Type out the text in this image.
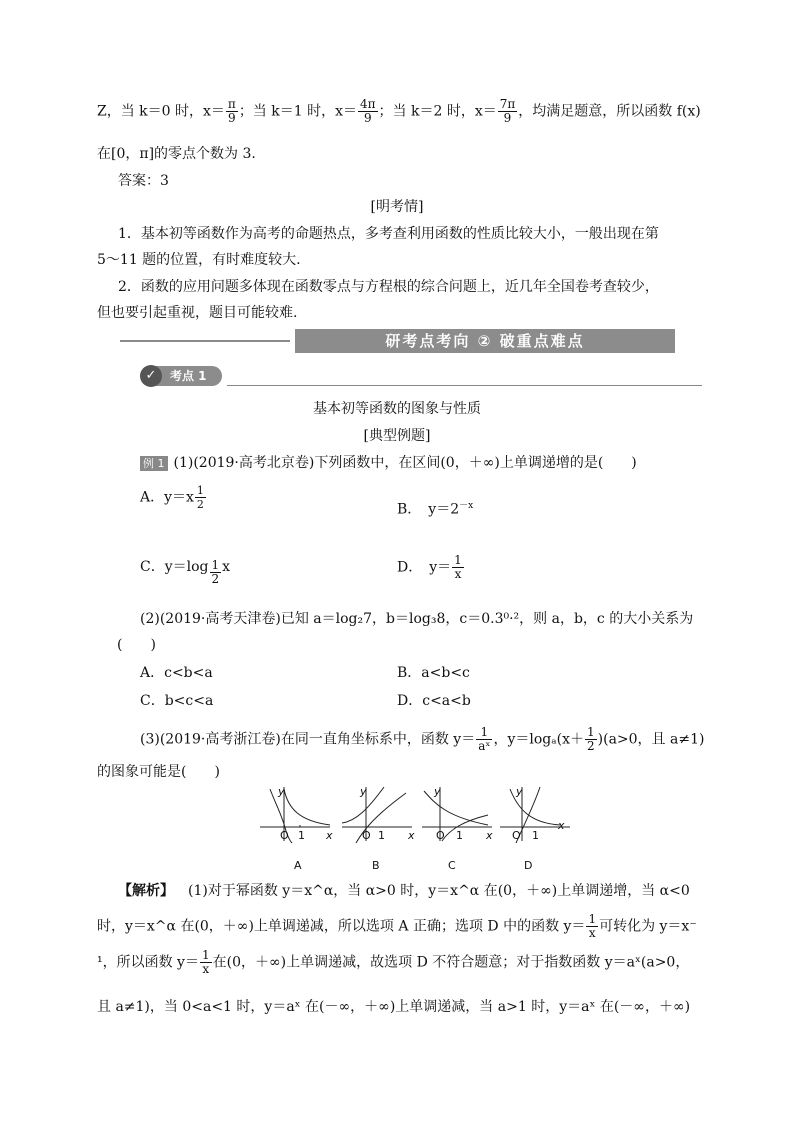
Z，当 k＝0 时，$x= \frac{\pi}{9}$ ；当 k＝1 时，$x= \frac{4\pi}{9}$ ；当 k＝2 时，$x= \frac{7\pi}{9}$ ，均满足题意，所以函数 f(x)
在[0，π]的零点个数为 3.
答案：3
[明考情]
1．基本初等函数作为高考的命题热点，多考查利用函数的性质比较大小，一般出现在第
5～11 题的位置，有时难度较大.
2．函数的应用问题多体现在函数零点与方程根的综合问题上，近几年全国卷考查较少，
但也要引起重视，题目可能较难.
研考点考向 ② 破重点难点
✓	考点 1
基本初等函数的图象与性质
[典型例题]
例 1 (1)(2019·高考北京卷)下列函数中，在区间(0，＋∞)上单调递增的是(　　)
A．$y=x \frac{1}{2}$	B．　$y=2^{-x}$
C．$y=\log \frac{1}{2}$ x	D．　$y= \frac{1}{x}$
(2)(2019·高考天津卷)已知 a＝log₂7，b＝log₃8，c＝0.3⁰·²，则 a，b，c 的大小关系为
(　　)
A．c<b<a	B．a<b<c
C．b<c<a	D．c<a<b
(3)(2019·高考浙江卷)在同一直角坐标系中，函数 $y= \frac{1}{\text{aˣ}}$ ，$y=\log_a(x+ \frac{1}{2} )(a>0$，且 a≠1)
的图象可能是(　　)
y
O 1 x
y
O 1 x
y
O 1 x
y
O 1
x
A	B	C	D
【解析】 (1)对于幂函数 y＝x^α，当 α>0 时，y＝x^α 在(0，＋∞)上单调递增，当 α<0
时，y＝x^α 在(0，＋∞)上单调递减，所以选项 A 正确；选项 D 中的函数 $y= \frac{1}{x}$ 可转化为 y＝x⁻
¹，所以函数 $y= \frac{1}{x}$ 在(0，＋∞)上单调递减，故选项 D 不符合题意；对于指数函数 y＝aˣ(a>0，
且 a≠1)，当 0<a<1 时，y＝aˣ 在(－∞，＋∞)上单调递减，当 a>1 时，y＝aˣ 在(－∞，＋∞)
